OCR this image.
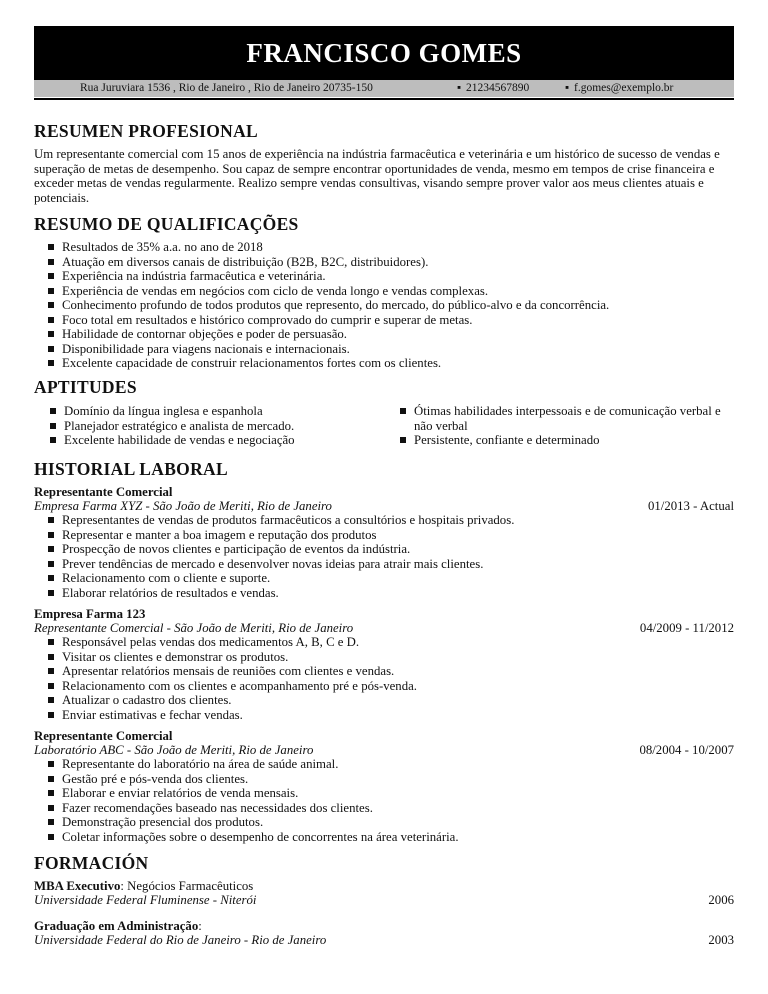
FRANCISCO GOMES
Rua Juruviara 1536 , Rio de Janeiro , Rio de Janeiro 20735-150	▪ 21234567890	▪ f.gomes@exemplo.br
RESUMEN PROFESIONAL
Um representante comercial com 15 anos de experiência na indústria farmacêutica e veterinária e um histórico de sucesso de vendas e superação de metas de desempenho. Sou capaz de sempre encontrar oportunidades de venda, mesmo em tempos de crise financeira e exceder metas de vendas regularmente. Realizo sempre vendas consultivas, visando sempre prover valor aos meus clientes atuais e potenciais.
RESUMO DE QUALIFICAÇÕES
Resultados de 35% a.a. no ano de 2018
Atuação em diversos canais de distribuição (B2B, B2C, distribuidores).
Experiência na indústria farmacêutica e veterinária.
Experiência de vendas em negócios com ciclo de venda longo e vendas complexas.
Conhecimento profundo de todos produtos que represento, do mercado, do público-alvo e da concorrência.
Foco total em resultados e histórico comprovado do cumprir e superar de metas.
Habilidade de contornar objeções e poder de persuasão.
Disponibilidade para viagens nacionais e internacionais.
Excelente capacidade de construir relacionamentos fortes com os clientes.
APTITUDES
Domínio da língua inglesa e espanhola
Planejador estratégico e analista de mercado.
Excelente habilidade de vendas e negociação
Ótimas habilidades interpessoais e de comunicação verbal e não verbal
Persistente, confiante e determinado
HISTORIAL LABORAL
Representante Comercial
Empresa Farma XYZ - São João de Meriti, Rio de Janeiro	01/2013 - Actual
Representantes de vendas de produtos farmacêuticos a consultórios e hospitais privados.
Representar e manter a boa imagem e reputação dos produtos
Prospecção de novos clientes e participação de eventos da indústria.
Prever tendências de mercado e desenvolver novas ideias para atrair mais clientes.
Relacionamento com o cliente e suporte.
Elaborar relatórios de resultados e vendas.
Empresa Farma 123
Representante Comercial - São João de Meriti, Rio de Janeiro	04/2009 - 11/2012
Responsável pelas vendas dos medicamentos A, B, C e D.
Visitar os clientes e demonstrar os produtos.
Apresentar relatórios mensais de reuniões com clientes e vendas.
Relacionamento com os clientes e acompanhamento pré e pós-venda.
Atualizar o cadastro dos clientes.
Enviar estimativas e fechar vendas.
Representante Comercial
Laboratório ABC - São João de Meriti, Rio de Janeiro	08/2004 - 10/2007
Representante do laboratório na área de saúde animal.
Gestão pré e pós-venda dos clientes.
Elaborar e enviar relatórios de venda mensais.
Fazer recomendações baseado nas necessidades dos clientes.
Demonstração presencial dos produtos.
Coletar informações sobre o desempenho de concorrentes na área veterinária.
FORMACIÓN
MBA Executivo: Negócios Farmacêuticos
Universidade Federal Fluminense - Niterói	2006
Graduação em Administração:
Universidade Federal do Rio de Janeiro - Rio de Janeiro	2003
